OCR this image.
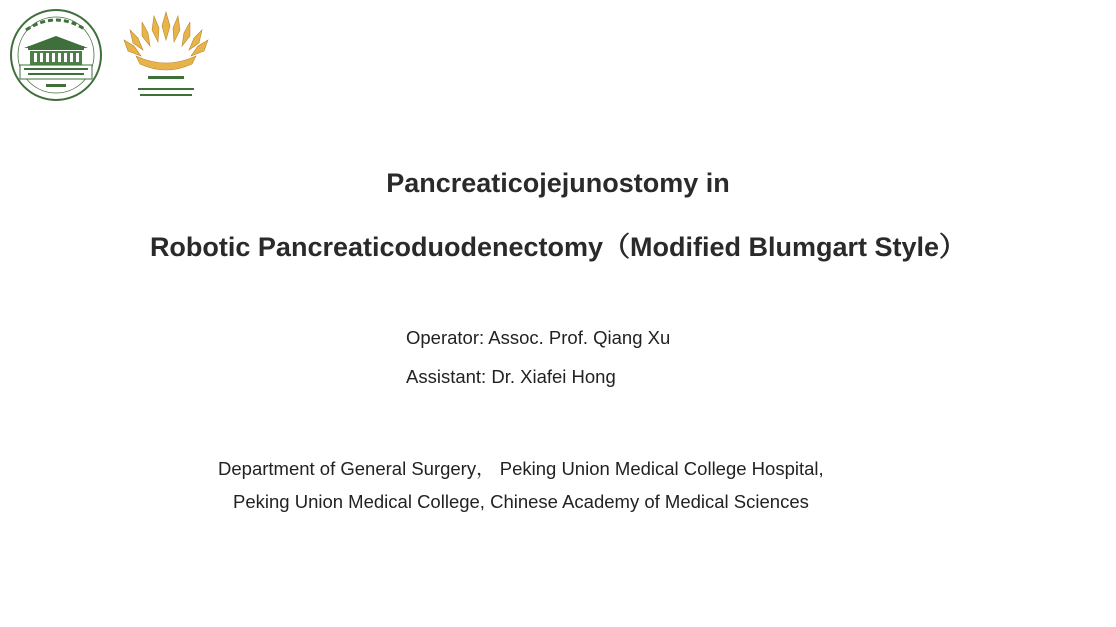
Pancreaticojejunostomy in
Robotic Pancreaticoduodenectomy（Modified Blumgart Style）
Operator: Assoc. Prof. Qiang Xu
Assistant: Dr. Xiafei Hong
Department of General Surgery， Peking Union Medical College Hospital,
Peking Union Medical College, Chinese Academy of Medical Sciences
